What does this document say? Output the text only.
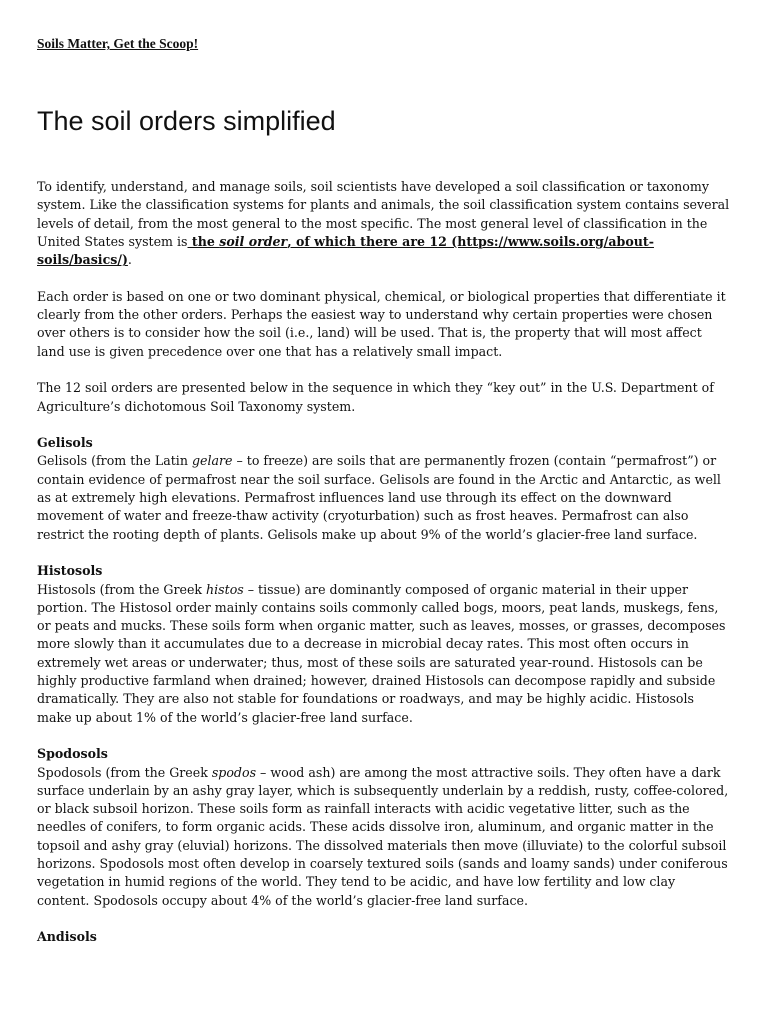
Soils Matter, Get the Scoop!
The soil orders simplified

To identify, understand, and manage soils, soil scientists have developed a soil classification or taxonomy system. Like the classification systems for plants and animals, the soil classification system contains several levels of detail, from the most general to the most specific. The most general level of classification in the United States system is the soil order, of which there are 12 (https://www.soils.org/about-soils/basics/).

Each order is based on one or two dominant physical, chemical, or biological properties that differentiate it clearly from the other orders. Perhaps the easiest way to understand why certain properties were chosen over others is to consider how the soil (i.e., land) will be used. That is, the property that will most affect land use is given precedence over one that has a relatively small impact.

The 12 soil orders are presented below in the sequence in which they “key out” in the U.S. Department of Agriculture’s dichotomous Soil Taxonomy system.

Gelisols
Gelisols (from the Latin gelare – to freeze) are soils that are permanently frozen (contain “permafrost”) or contain evidence of permafrost near the soil surface. Gelisols are found in the Arctic and Antarctic, as well as at extremely high elevations. Permafrost influences land use through its effect on the downward movement of water and freeze-thaw activity (cryoturbation) such as frost heaves. Permafrost can also restrict the rooting depth of plants. Gelisols make up about 9% of the world’s glacier-free land surface.

Histosols
Histosols (from the Greek histos – tissue) are dominantly composed of organic material in their upper portion. The Histosol order mainly contains soils commonly called bogs, moors, peat lands, muskegs, fens, or peats and mucks. These soils form when organic matter, such as leaves, mosses, or grasses, decomposes more slowly than it accumulates due to a decrease in microbial decay rates. This most often occurs in extremely wet areas or underwater; thus, most of these soils are saturated year-round. Histosols can be highly productive farmland when drained; however, drained Histosols can decompose rapidly and subside dramatically. They are also not stable for foundations or roadways, and may be highly acidic. Histosols make up about 1% of the world’s glacier-free land surface.

Spodosols
Spodosols (from the Greek spodos – wood ash) are among the most attractive soils. They often have a dark surface underlain by an ashy gray layer, which is subsequently underlain by a reddish, rusty, coffee-colored, or black subsoil horizon. These soils form as rainfall interacts with acidic vegetative litter, such as the needles of conifers, to form organic acids. These acids dissolve iron, aluminum, and organic matter in the topsoil and ashy gray (eluvial) horizons. The dissolved materials then move (illuviate) to the colorful subsoil horizons. Spodosols most often develop in coarsely textured soils (sands and loamy sands) under coniferous vegetation in humid regions of the world. They tend to be acidic, and have low fertility and low clay content. Spodosols occupy about 4% of the world’s glacier-free land surface.

Andisols
